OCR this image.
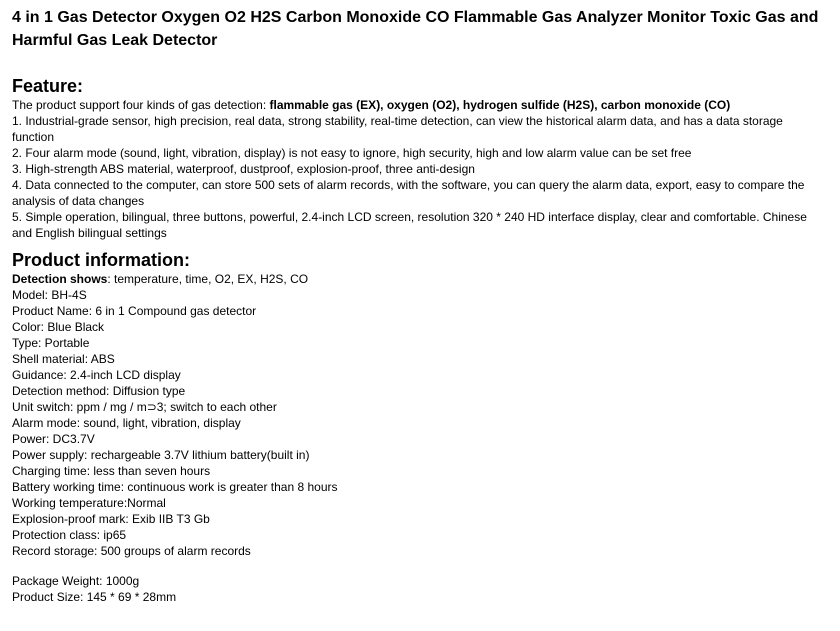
4 in 1 Gas Detector Oxygen O2 H2S Carbon Monoxide CO Flammable Gas Analyzer Monitor Toxic Gas and Harmful Gas Leak Detector
Feature:

The product support four kinds of gas detection: flammable gas (EX), oxygen (O2), hydrogen sulfide (H2S), carbon monoxide (CO)

1. Industrial-grade sensor, high precision, real data, strong stability, real-time detection, can view the historical alarm data, and has a data storage function

2. Four alarm mode (sound, light, vibration, display) is not easy to ignore, high security, high and low alarm value can be set free

3. High-strength ABS material, waterproof, dustproof, explosion-proof, three anti-design

4. Data connected to the computer, can store 500 sets of alarm records, with the software, you can query the alarm data, export, easy to compare the analysis of data changes

5. Simple operation, bilingual, three buttons, powerful, 2.4-inch LCD screen, resolution 320 * 240 HD interface display, clear and comfortable. Chinese and English bilingual settings

Product information:

Detection shows: temperature, time, O2, EX, H2S, CO

Model: BH-4S

Product Name: 6 in 1 Compound gas detector

Color: Blue Black

Type: Portable

Shell material: ABS

Guidance: 2.4-inch LCD display

Detection method: Diffusion type

Unit switch: ppm / mg / m⊃3; switch to each other

Alarm mode: sound, light, vibration, display

Power: DC3.7V

Power supply: rechargeable 3.7V lithium battery(built in)

Charging time: less than seven hours

Battery working time: continuous work is greater than 8 hours

Working temperature:Normal

Explosion-proof mark: Exib IIB T3 Gb

Protection class: ip65

Record storage: 500 groups of alarm records

Package Weight: 1000g

Product Size: 145 * 69 * 28mm
